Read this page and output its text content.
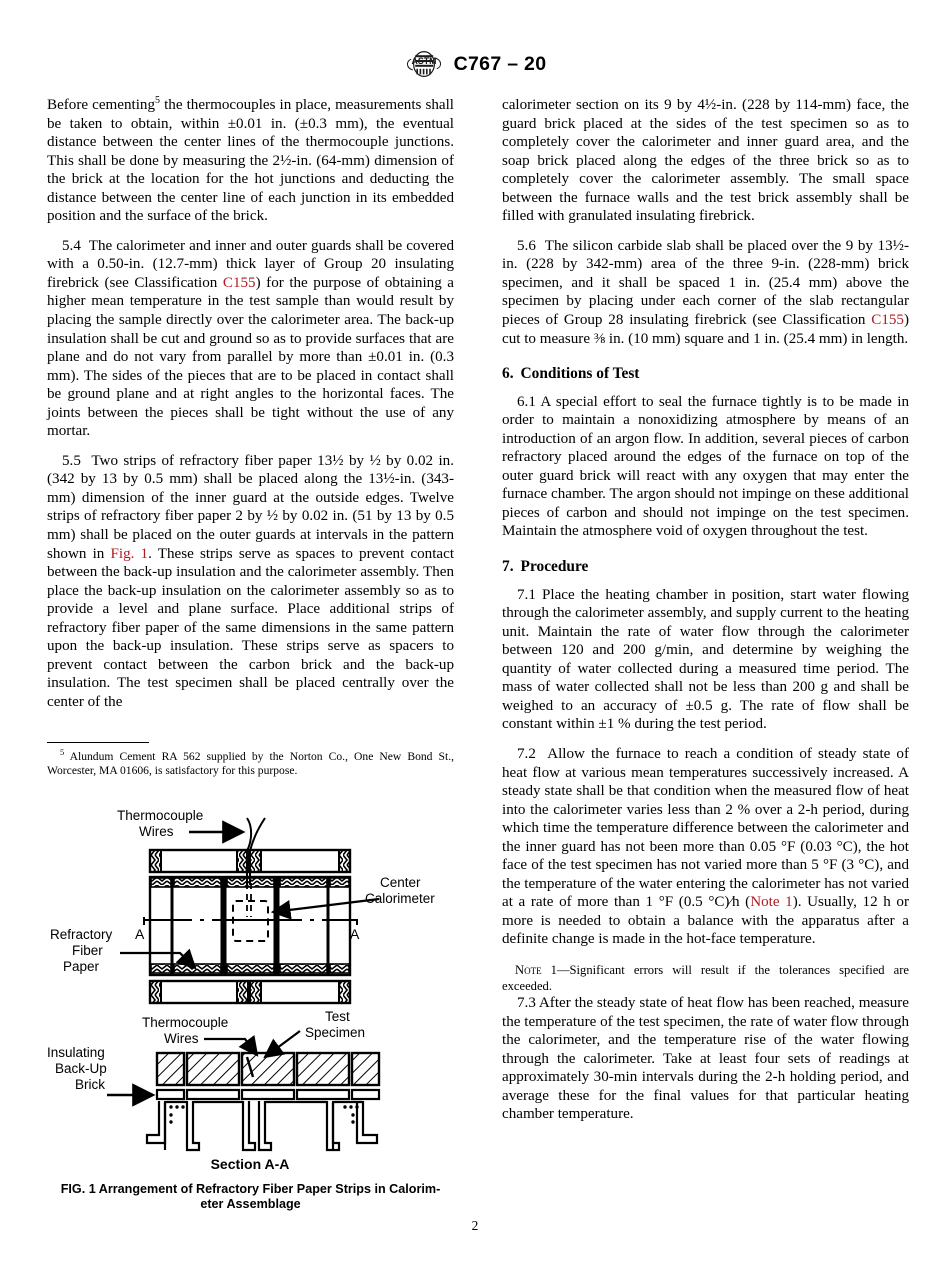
ASTM C767 – 20

Before cementing$^5$ the thermocouples in place, measurements shall be taken to obtain, within ±0.01 in. (±0.3 mm), the eventual distance between the center lines of the thermocouple junctions. This shall be done by measuring the 2½-in. (64-mm) dimension of the brick at the location for the hot junctions and deducting the distance between the center line of each junction in its embedded position and the surface of the brick.

5.4  The calorimeter and inner and outer guards shall be covered with a 0.50-in. (12.7-mm) thick layer of Group 20 insulating firebrick (see Classification C155) for the purpose of obtaining a higher mean temperature in the test sample than would result by placing the sample directly over the calorimeter area. The back-up insulation shall be cut and ground so as to provide surfaces that are plane and do not vary from parallel by more than ±0.01 in. (0.3 mm). The sides of the pieces that are to be placed in contact shall be ground plane and at right angles to the horizontal faces. The joints between the pieces shall be tight without the use of any mortar.

5.5  Two strips of refractory fiber paper 13½ by ½ by 0.02 in. (342 by 13 by 0.5 mm) shall be placed along the 13½-in. (343-mm) dimension of the inner guard at the outside edges. Twelve strips of refractory fiber paper 2 by ½ by 0.02 in. (51 by 13 by 0.5 mm) shall be placed on the outer guards at intervals in the pattern shown in Fig. 1. These strips serve as spaces to prevent contact between the back-up insulation and the calorimeter assembly. Then place the back-up insulation on the calorimeter assembly so as to provide a level and plane surface. Place additional strips of refractory fiber paper of the same dimensions in the same pattern upon the back-up insulation. These strips serve as spacers to prevent contact between the carbon brick and the back-up insulation. The test specimen shall be placed centrally over the center of the

$^5$ Alundum Cement RA 562 supplied by the Norton Co., One New Bond St., Worcester, MA 01606, is satisfactory for this purpose.

Thermocouple
Wires
Center
Calorimeter
A	A
Refractory
Fiber
Paper
Test
Specimen
Thermocouple
Wires
Insulating
Back-Up
Brick
Section A-A
FIG. 1 Arrangement of Refractory Fiber Paper Strips in Calorim-
eter Assemblage

calorimeter section on its 9 by 4½-in. (228 by 114-mm) face, the guard brick placed at the sides of the test specimen so as to completely cover the calorimeter and inner guard area, and the soap brick placed along the edges of the three brick so as to completely cover the calorimeter assembly. The small space between the furnace walls and the test brick assembly shall be filled with granulated insulating firebrick.

5.6  The silicon carbide slab shall be placed over the 9 by 13½-in. (228 by 342-mm) area of the three 9-in. (228-mm) brick specimen, and it shall be spaced 1 in. (25.4 mm) above the specimen by placing under each corner of the slab rectangular pieces of Group 28 insulating firebrick (see Classification C155) cut to measure ⅜ in. (10 mm) square and 1 in. (25.4 mm) in length.

6. Conditions of Test

6.1 A special effort to seal the furnace tightly is to be made in order to maintain a nonoxidizing atmosphere by means of an introduction of an argon flow. In addition, several pieces of carbon refractory placed around the edges of the furnace on top of the outer guard brick will react with any oxygen that may enter the furnace chamber. The argon should not impinge on these additional pieces of carbon and should not impinge on the test specimen. Maintain the atmosphere void of oxygen throughout the test.

7. Procedure

7.1 Place the heating chamber in position, start water flowing through the calorimeter assembly, and supply current to the heating unit. Maintain the rate of water flow through the calorimeter between 120 and 200 g/min, and determine by weighing the quantity of water collected during a measured time period. The mass of water collected shall not be less than 200 g and shall be weighed to an accuracy of ±0.5 g. The rate of flow shall be constant within ±1 % during the test period.

7.2  Allow the furnace to reach a condition of steady state of heat flow at various mean temperatures successively increased. A steady state shall be that condition when the measured flow of heat into the calorimeter varies less than 2 % over a 2-h period, during which time the temperature difference between the calorimeter and the inner guard has not been more than 0.05 °F (0.03 °C), the hot face of the test specimen has not varied more than 5 °F (3 °C), and the temperature of the water entering the calorimeter has not varied at a rate of more than 1 °F (0.5 °C)⁄h (Note 1). Usually, 12 h or more is needed to obtain a balance with the apparatus after a definite change is made in the hot-face temperature.

Note 1—Significant errors will result if the tolerances specified are exceeded.

7.3 After the steady state of heat flow has been reached, measure the temperature of the test specimen, the rate of water flow through the calorimeter, and the temperature rise of the water flowing through the calorimeter. Take at least four sets of readings at approximately 30-min intervals during the 2-h holding period, and average these for the final values for that particular heating chamber temperature.

2
